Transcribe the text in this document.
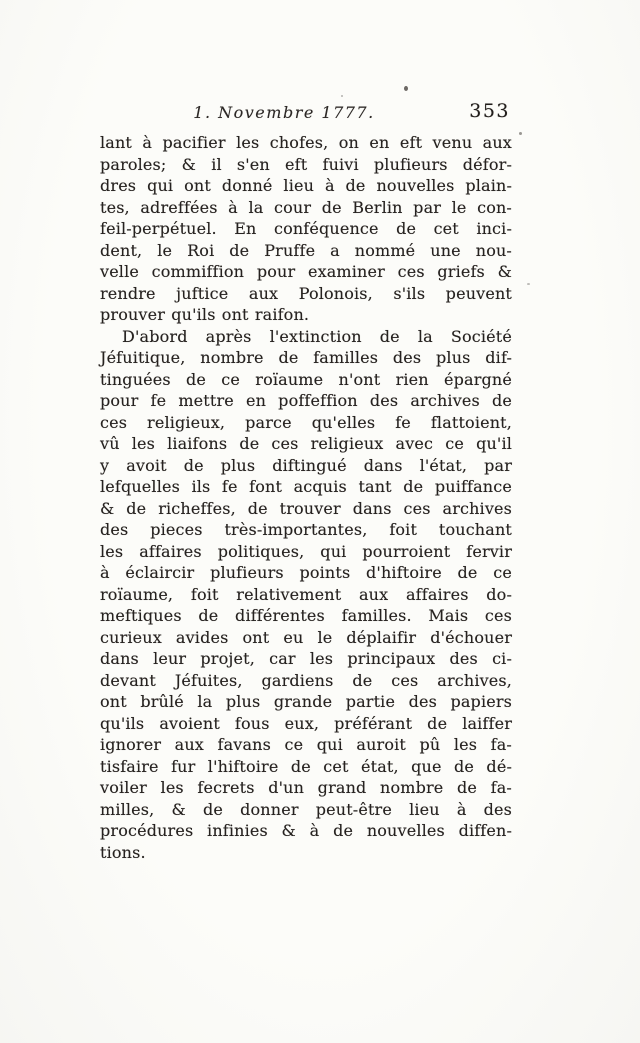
1. Novembre 1777.	353
lant à pacifier les chofes, on en eft venu aux
paroles; & il s'en eft fuivi plufieurs défor-
dres qui ont donné lieu à de nouvelles plain-
tes, adreffées à la cour de Berlin par le con-
feil-perpétuel. En conféquence de cet inci-
dent, le Roi de Pruffe a nommé une nou-
velle commiffion pour examiner ces griefs &
rendre juftice aux Polonois, s'ils peuvent
prouver qu'ils ont raifon.
D'abord après l'extinction de la Société
Jéfuitique, nombre de familles des plus dif-
tinguées de ce roïaume n'ont rien épargné
pour fe mettre en poffeffion des archives de
ces religieux, parce qu'elles fe flattoient,
vû les liaifons de ces religieux avec ce qu'il
y avoit de plus diftingué dans l'état, par
lefquelles ils fe font acquis tant de puiffance
& de richeffes, de trouver dans ces archives
des pieces très-importantes, foit touchant
les affaires politiques, qui pourroient fervir
à éclaircir plufieurs points d'hiftoire de ce
roïaume, foit relativement aux affaires do-
meftiques de différentes familles. Mais ces
curieux avides ont eu le déplaifir d'échouer
dans leur projet, car les principaux des ci-
devant Jéfuites, gardiens de ces archives,
ont brûlé la plus grande partie des papiers
qu'ils avoient fous eux, préférant de laiffer
ignorer aux favans ce qui auroit pû les fa-
tisfaire fur l'hiftoire de cet état, que de dé-
voiler les fecrets d'un grand nombre de fa-
milles, & de donner peut-être lieu à des
procédures infinies & à de nouvelles diffen-
tions.
